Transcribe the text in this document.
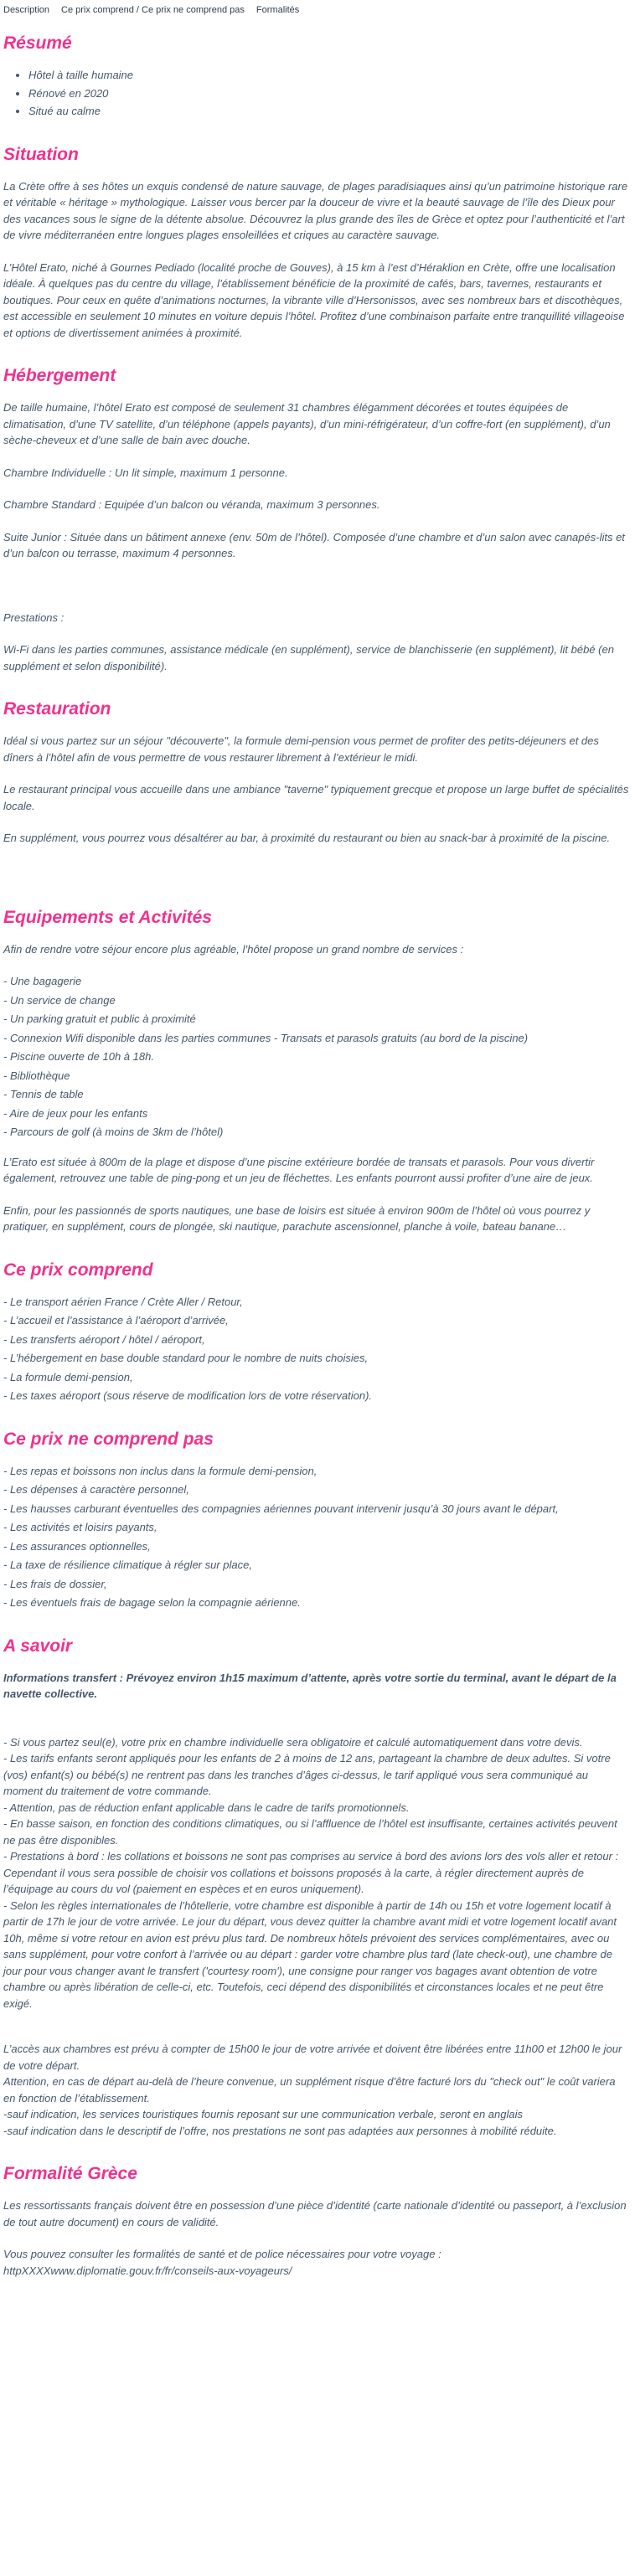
Description Ce prix comprend / Ce prix ne comprend pas Formalités
Résumé
• Hôtel à taille humaine
• Rénové en 2020
• Situé au calme
Situation

La Crète offre à ses hôtes un exquis condensé de nature sauvage, de plages paradisiaques ainsi qu’un patrimoine historique rare et véritable « héritage » mythologique. Laisser vous bercer par la douceur de vivre et la beauté sauvage de l’île des Dieux pour des vacances sous le signe de la détente absolue. Découvrez la plus grande des îles de Grèce et optez pour l’authenticité et l’art de vivre méditerranéen entre longues plages ensoleillées et criques au caractère sauvage.

L’Hôtel Erato, niché à Gournes Pediado (localité proche de Gouves), à 15 km à l’est d’Héraklion en Crète, offre une localisation idéale. À quelques pas du centre du village, l’établissement bénéficie de la proximité de cafés, bars, tavernes, restaurants et boutiques. Pour ceux en quête d’animations nocturnes, la vibrante ville d’Hersonissos, avec ses nombreux bars et discothèques, est accessible en seulement 10 minutes en voiture depuis l’hôtel. Profitez d’une combinaison parfaite entre tranquillité villageoise et options de divertissement animées à proximité.

Hébergement

De taille humaine, l’hôtel Erato est composé de seulement 31 chambres élégamment décorées et toutes équipées de climatisation, d’une TV satellite, d’un téléphone (appels payants), d’un mini-réfrigérateur, d’un coffre-fort (en supplément), d’un sèche-cheveux et d’une salle de bain avec douche.

Chambre Individuelle : Un lit simple, maximum 1 personne.

Chambre Standard : Equipée d’un balcon ou véranda, maximum 3 personnes.

Suite Junior : Située dans un bâtiment annexe (env. 50m de l’hôtel). Composée d’une chambre et d’un salon avec canapés-lits et d’un balcon ou terrasse, maximum 4 personnes.

Prestations :

Wi-Fi dans les parties communes, assistance médicale (en supplément), service de blanchisserie (en supplément), lit bébé (en supplément et selon disponibilité).

Restauration

Idéal si vous partez sur un séjour "découverte", la formule demi-pension vous permet de profiter des petits-déjeuners et des dîners à l’hôtel afin de vous permettre de vous restaurer librement à l’extérieur le midi.

Le restaurant principal vous accueille dans une ambiance "taverne" typiquement grecque et propose un large buffet de spécialités locale.

En supplément, vous pourrez vous désaltérer au bar, à proximité du restaurant ou bien au snack-bar à proximité de la piscine.

Equipements et Activités

Afin de rendre votre séjour encore plus agréable, l’hôtel propose un grand nombre de services :

- Une bagagerie

- Un service de change

- Un parking gratuit et public à proximité

- Connexion Wifi disponible dans les parties communes - Transats et parasols gratuits (au bord de la piscine)

- Piscine ouverte de 10h à 18h.

- Bibliothèque

- Tennis de table

- Aire de jeux pour les enfants

- Parcours de golf (à moins de 3km de l’hôtel)

L’Erato est située à 800m de la plage et dispose d’une piscine extérieure bordée de transats et parasols. Pour vous divertir également, retrouvez une table de ping-pong et un jeu de fléchettes. Les enfants pourront aussi profiter d’une aire de jeux.

Enfin, pour les passionnés de sports nautiques, une base de loisirs est située à environ 900m de l’hôtel où vous pourrez y pratiquer, en supplément, cours de plongée, ski nautique, parachute ascensionnel, planche à voile, bateau banane…

Ce prix comprend

- Le transport aérien France / Crète Aller / Retour,

- L’accueil et l’assistance à l’aéroport d’arrivée,

- Les transferts aéroport / hôtel / aéroport,

- L’hébergement en base double standard pour le nombre de nuits choisies,

- La formule demi-pension,

- Les taxes aéroport (sous réserve de modification lors de votre réservation).

Ce prix ne comprend pas

- Les repas et boissons non inclus dans la formule demi-pension,

- Les dépenses à caractère personnel,

- Les hausses carburant éventuelles des compagnies aériennes pouvant intervenir jusqu’à 30 jours avant le départ,

- Les activités et loisirs payants,

- Les assurances optionnelles,

- La taxe de résilience climatique à régler sur place,

- Les frais de dossier,

- Les éventuels frais de bagage selon la compagnie aérienne.

A savoir

Informations transfert : Prévoyez environ 1h15 maximum d’attente, après votre sortie du terminal, avant le départ de la navette collective.

- Si vous partez seul(e), votre prix en chambre individuelle sera obligatoire et calculé automatiquement dans votre devis.

- Les tarifs enfants seront appliqués pour les enfants de 2 à moins de 12 ans, partageant la chambre de deux adultes. Si votre (vos) enfant(s) ou bébé(s) ne rentrent pas dans les tranches d’âges ci-dessus, le tarif appliqué vous sera communiqué au moment du traitement de votre commande.

- Attention, pas de réduction enfant applicable dans le cadre de tarifs promotionnels.

- En basse saison, en fonction des conditions climatiques, ou si l’affluence de l’hôtel est insuffisante, certaines activités peuvent ne pas être disponibles.

- Prestations à bord : les collations et boissons ne sont pas comprises au service à bord des avions lors des vols aller et retour : Cependant il vous sera possible de choisir vos collations et boissons proposés à la carte, à régler directement auprès de l’équipage au cours du vol (paiement en espèces et en euros uniquement).

- Selon les règles internationales de l’hôtellerie, votre chambre est disponible à partir de 14h ou 15h et votre logement locatif à partir de 17h le jour de votre arrivée. Le jour du départ, vous devez quitter la chambre avant midi et votre logement locatif avant 10h, même si votre retour en avion est prévu plus tard. De nombreux hôtels prévoient des services complémentaires, avec ou sans supplément, pour votre confort à l’arrivée ou au départ : garder votre chambre plus tard (late check-out), une chambre de jour pour vous changer avant le transfert ('courtesy room'), une consigne pour ranger vos bagages avant obtention de votre chambre ou après libération de celle-ci, etc. Toutefois, ceci dépend des disponibilités et circonstances locales et ne peut être exigé.

L’accès aux chambres est prévu à compter de 15h00 le jour de votre arrivée et doivent être libérées entre 11h00 et 12h00 le jour de votre départ.

Attention, en cas de départ au-delà de l’heure convenue, un supplément risque d’être facturé lors du "check out" le coût variera en fonction de l’établissement.

-sauf indication, les services touristiques fournis reposant sur une communication verbale, seront en anglais

-sauf indication dans le descriptif de l’offre, nos prestations ne sont pas adaptées aux personnes à mobilité réduite.

Formalité Grèce

Les ressortissants français doivent être en possession d’une pièce d’identité (carte nationale d’identité ou passeport, à l’exclusion de tout autre document) en cours de validité.

Vous pouvez consulter les formalités de santé et de police nécessaires pour votre voyage : httpXXXXwww.diplomatie.gouv.fr/fr/conseils-aux-voyageurs/
